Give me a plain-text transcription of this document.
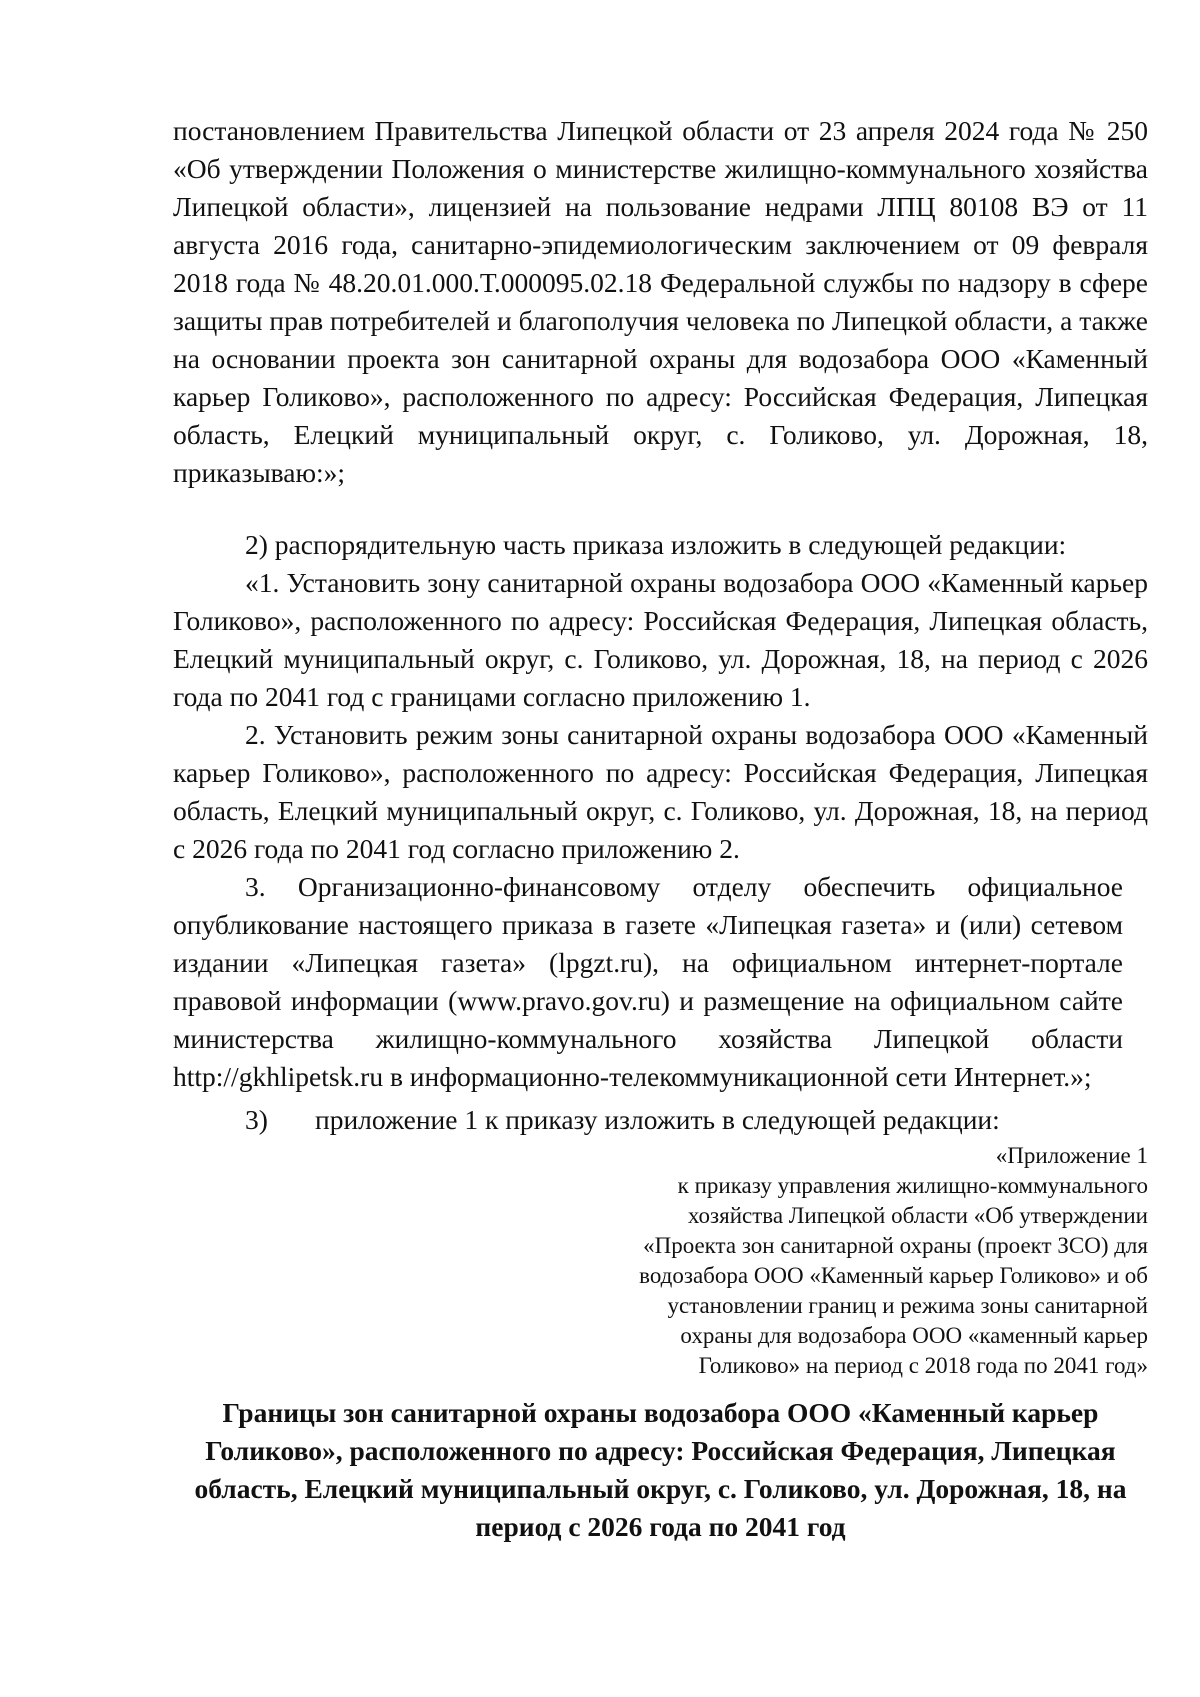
постановлением Правительства Липецкой области от 23 апреля 2024 года № 250 «Об утверждении Положения о министерстве жилищно-коммунального хозяйства Липецкой области», лицензией на пользование недрами ЛПЦ 80108 ВЭ от 11 августа 2016 года, санитарно-эпидемиологическим заключением от 09 февраля 2018 года № 48.20.01.000.Т.000095.02.18 Федеральной службы по надзору в сфере защиты прав потребителей и благополучия человека по Липецкой области, а также на основании проекта зон санитарной охраны для водозабора ООО «Каменный карьер Голиково», расположенного по адресу: Российская Федерация, Липецкая область, Елецкий муниципальный округ, с. Голиково, ул. Дорожная, 18, приказываю:»;

2) распорядительную часть приказа изложить в следующей редакции:

«1. Установить зону санитарной охраны водозабора ООО «Каменный карьер Голиково», расположенного по адресу: Российская Федерация, Липецкая область, Елецкий муниципальный округ, с. Голиково, ул. Дорожная, 18, на период с 2026 года по 2041 год с границами согласно приложению 1.

2. Установить режим зоны санитарной охраны водозабора ООО «Каменный карьер Голиково», расположенного по адресу: Российская Федерация, Липецкая область, Елецкий муниципальный округ, с. Голиково, ул. Дорожная, 18, на период с 2026 года по 2041 год согласно приложению 2.

3. Организационно-финансовому отделу обеспечить официальное опубликование настоящего приказа в газете «Липецкая газета» и (или) сетевом издании «Липецкая газета» (lpgzt.ru), на официальном интернет-портале правовой информации (www.pravo.gov.ru) и размещение на официальном сайте министерства жилищно-коммунального хозяйства Липецкой области http://gkhlipetsk.ru в информационно-телекоммуникационной сети Интернет.»;

3) приложение 1 к приказу изложить в следующей редакции:

«Приложение 1
к приказу управления жилищно-коммунального
хозяйства Липецкой области «Об утверждении
«Проекта зон санитарной охраны (проект ЗСО) для
водозабора ООО «Каменный карьер Голиково» и об
установлении границ и режима зоны санитарной
охраны для водозабора ООО «каменный карьер
Голиково» на период с 2018 года по 2041 год»
Границы зон санитарной охраны водозабора ООО «Каменный карьер Голиково», расположенного по адресу: Российская Федерация, Липецкая область, Елецкий муниципальный округ, с. Голиково, ул. Дорожная, 18, на период с 2026 года по 2041 год
